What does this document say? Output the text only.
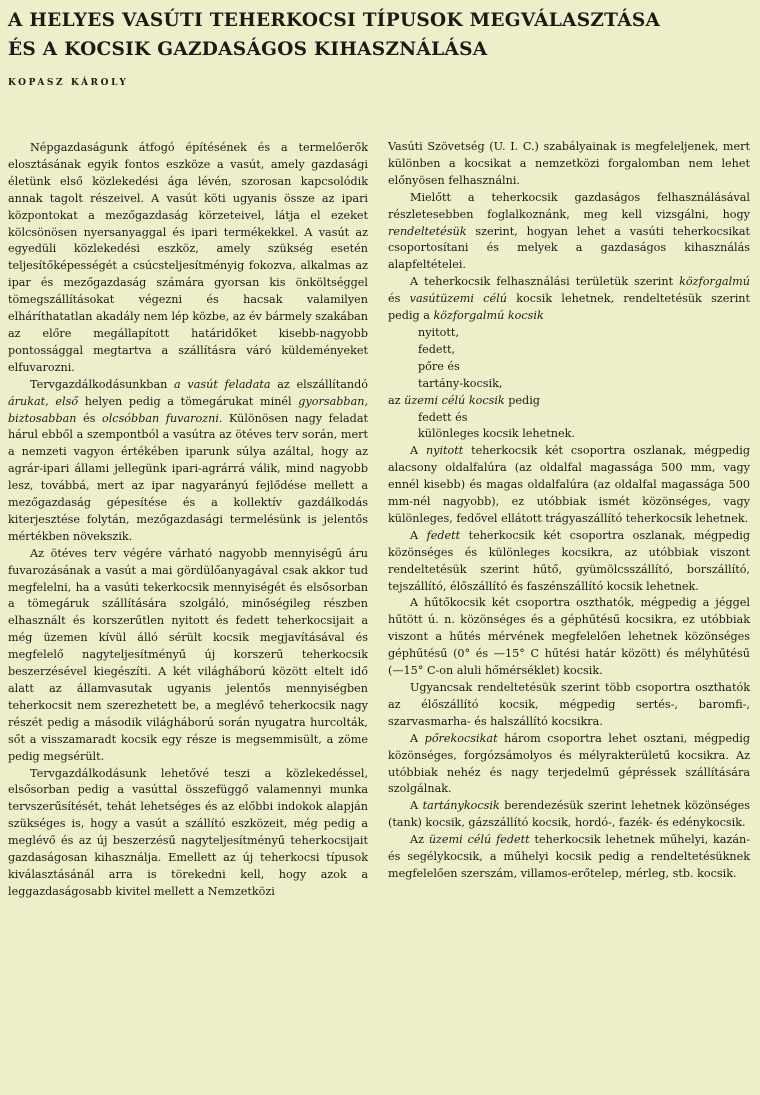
A HELYES VASÚTI TEHERKOCSI TÍPUSOK MEGVÁLASZTÁSA
ÉS A KOCSIK GAZDASÁGOS KIHASZNÁLÁSA
KOPASZ KÁROLY

Népgazdaságunk átfogó építésének és a termelőerők elosztásának egyik fontos eszköze a vasút, amely gazdasági életünk első közlekedési ága lévén, szorosan kapcsolódik annak tagolt részeivel. A vasút köti ugyanis össze az ipari központokat a mezőgazdaság körzeteivel, látja el ezeket kölcsönösen nyersanyaggal és ipari termékekkel. A vasút az egyedüli közlekedési eszköz, amely szükség esetén teljesítőképességét a csúcsteljesítményig fokozva, alkalmas az ipar és mezőgazdaság számára gyorsan kis önköltséggel tömegszállításokat végezni és hacsak valamilyen elháríthatatlan akadály nem lép közbe, az év bármely szakában az előre megállapított határidőket kisebb-nagyobb pontossággal megtartva a szállításra váró küldeményeket elfuvarozni.

Tervgazdálkodásunkban a vasút feladata az elszállítandó árukat, első helyen pedig a tömegárukat minél gyorsabban, biztosabban és olcsóbban fuvarozni. Különösen nagy feladat hárul ebből a szempontból a vasútra az ötéves terv során, mert a nemzeti vagyon értékében iparunk súlya azáltal, hogy az agrár-ipari állami jellegünk ipari-agrárrá válik, mind nagyobb lesz, továbbá, mert az ipar nagyarányú fejlődése mellett a mezőgazdaság gépesítése és a kollektív gazdálkodás kiterjesztése folytán, mezőgazdasági termelésünk is jelentős mértékben növekszik.

Az ötéves terv végére várható nagyobb mennyiségű áru fuvarozásának a vasút a mai gördülőanyagával csak akkor tud megfelelni, ha a vasúti tekerkocsik mennyiségét és elsősorban a tömegáruk szállítására szolgáló, minőségileg részben elhasznált és korszerűtlen nyitott és fedett teherkocsijait a még üzemen kívül álló sérült kocsik megjavításával és megfelelő nagyteljesítményű új korszerű teherkocsik beszerzésével kiegészíti. A két világháború között eltelt idő alatt az államvasutak ugyanis jelentős mennyiségben teherkocsit nem szerezhetett be, a meglévő teherkocsik nagy részét pedig a második világháború során nyugatra hurcolták, sőt a visszamaradt kocsik egy része is megsemmisült, a zöme pedig megsérült.

Tervgazdálkodásunk lehetővé teszi a közlekedéssel, elsősorban pedig a vasúttal összefüggő valamennyi munka tervszerűsítését, tehát lehetséges és az előbbi indokok alapján szükséges is, hogy a vasút a szállító eszközeit, még pedig a meglévő és az új beszerzésű nagyteljesítményű teherkocsijait gazdaságosan kihasználja. Emellett az új teherkocsi típusok kiválasztásánál arra is törekedni kell, hogy azok a leggazdaságosabb kivitel mellett a Nemzetközi

Vasúti Szövetség (U. I. C.) szabályainak is megfeleljenek, mert különben a kocsikat a nemzetközi forgalomban nem lehet előnyösen felhasználni.

Mielőtt a teherkocsik gazdaságos felhasználásával részletesebben foglalkoznánk, meg kell vizsgálni, hogy rendeltetésük szerint, hogyan lehet a vasúti teherkocsikat csoportosítani és melyek a gazdaságos kihasználás alapfeltételei.

A teherkocsik felhasználási területük szerint közforgalmú és vasútüzemi célú kocsik lehetnek, rendeltetésük szerint pedig a közforgalmú kocsik

nyitott,
fedett,
pőre és
tartány-kocsik,
az üzemi célú kocsik pedig
fedett és
különleges kocsik lehetnek.

A nyitott teherkocsik két csoportra oszlanak, mégpedig alacsony oldalfalúra (az oldalfal magassága 500 mm, vagy ennél kisebb) és magas oldalfalúra (az oldalfal magassága 500 mm-nél nagyobb), ez utóbbiak ismét közönséges, vagy különleges, fedővel ellátott trágyaszállító teherkocsik lehetnek.

A fedett teherkocsik két csoportra oszlanak, mégpedig közönséges és különleges kocsikra, az utóbbiak viszont rendeltetésük szerint hűtő, gyümölcsszállító, borszállító, tejszállító, élőszállító és faszénszállító kocsik lehetnek.

A hűtőkocsik két csoportra oszthatók, mégpedig a jéggel hűtött ú. n. közönséges és a géphűtésű kocsikra, ez utóbbiak viszont a hűtés mérvének megfelelően lehetnek közönséges géphűtésű (0° és —15° C hűtési határ között) és mélyhűtésű (—15° C-on aluli hőmérséklet) kocsik.

Ugyancsak rendeltetésük szerint több csoportra oszthatók az élőszállító kocsik, mégpedig sertés-, baromfi-, szarvasmarha- és halszállító kocsikra.

A pőrekocsikat három csoportra lehet osztani, mégpedig közönséges, forgózsámolyos és mélyrakterületű kocsikra. Az utóbbiak nehéz és nagy terjedelmű gépréssek szállítására szolgálnak.

A tartánykocsik berendezésük szerint lehetnek közönséges (tank) kocsik, gázszállító kocsik, hordó-, fazék- és edénykocsik.

Az üzemi célú fedett teherkocsik lehetnek műhelyi, kazán- és segélykocsik, a műhelyi kocsik pedig a rendeltetésüknek megfelelően szerszám, villamos-erőtelep, mérleg, stb. kocsik.
